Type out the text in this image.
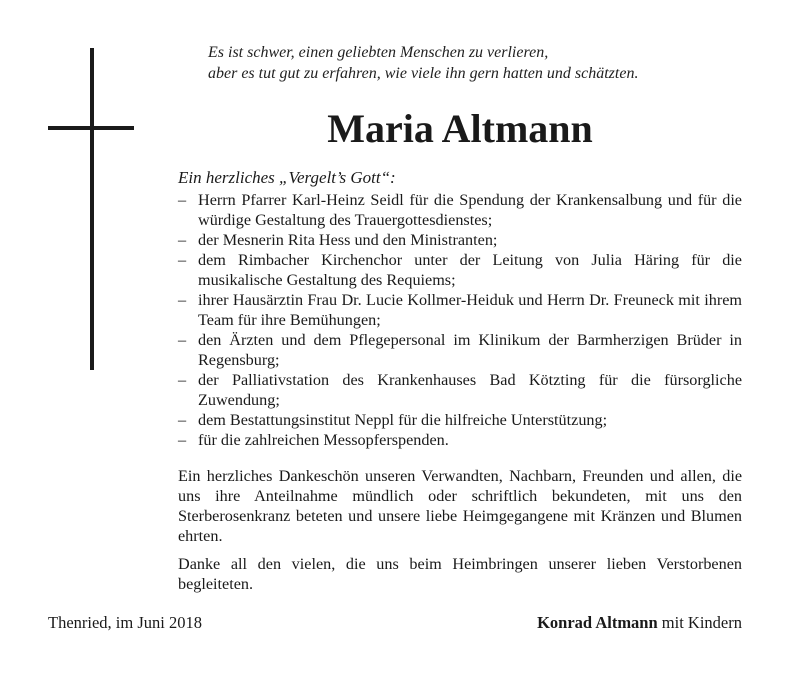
Es ist schwer, einen geliebten Menschen zu verlieren,
aber es tut gut zu erfahren, wie viele ihn gern hatten und schätzten.
Maria Altmann
Ein herzliches „Vergelt’s Gott“:
– Herrn Pfarrer Karl-Heinz Seidl für die Spendung der Krankensalbung und für die würdige Gestaltung des Trauergottesdienstes;
– der Mesnerin Rita Hess und den Ministranten;
– dem Rimbacher Kirchenchor unter der Leitung von Julia Häring für die musikalische Gestaltung des Requiems;
– ihrer Hausärztin Frau Dr. Lucie Kollmer-Heiduk und Herrn Dr. Freuneck mit ihrem Team für ihre Bemühungen;
– den Ärzten und dem Pflegepersonal im Klinikum der Barmherzigen Brüder in Regensburg;
– der Palliativstation des Krankenhauses Bad Kötzting für die fürsorgliche Zuwendung;
– dem Bestattungsinstitut Neppl für die hilfreiche Unterstützung;
– für die zahlreichen Messopferspenden.

Ein herzliches Dankeschön unseren Verwandten, Nachbarn, Freunden und allen, die uns ihre Anteilnahme mündlich oder schriftlich bekundeten, mit uns den Sterberosenkranz beteten und unsere liebe Heimgegangene mit Kränzen und Blumen ehrten.

Danke all den vielen, die uns beim Heimbringen unserer lieben Verstorbenen begleiteten.

Thenried, im Juni 2018	Konrad Altmann mit Kindern
